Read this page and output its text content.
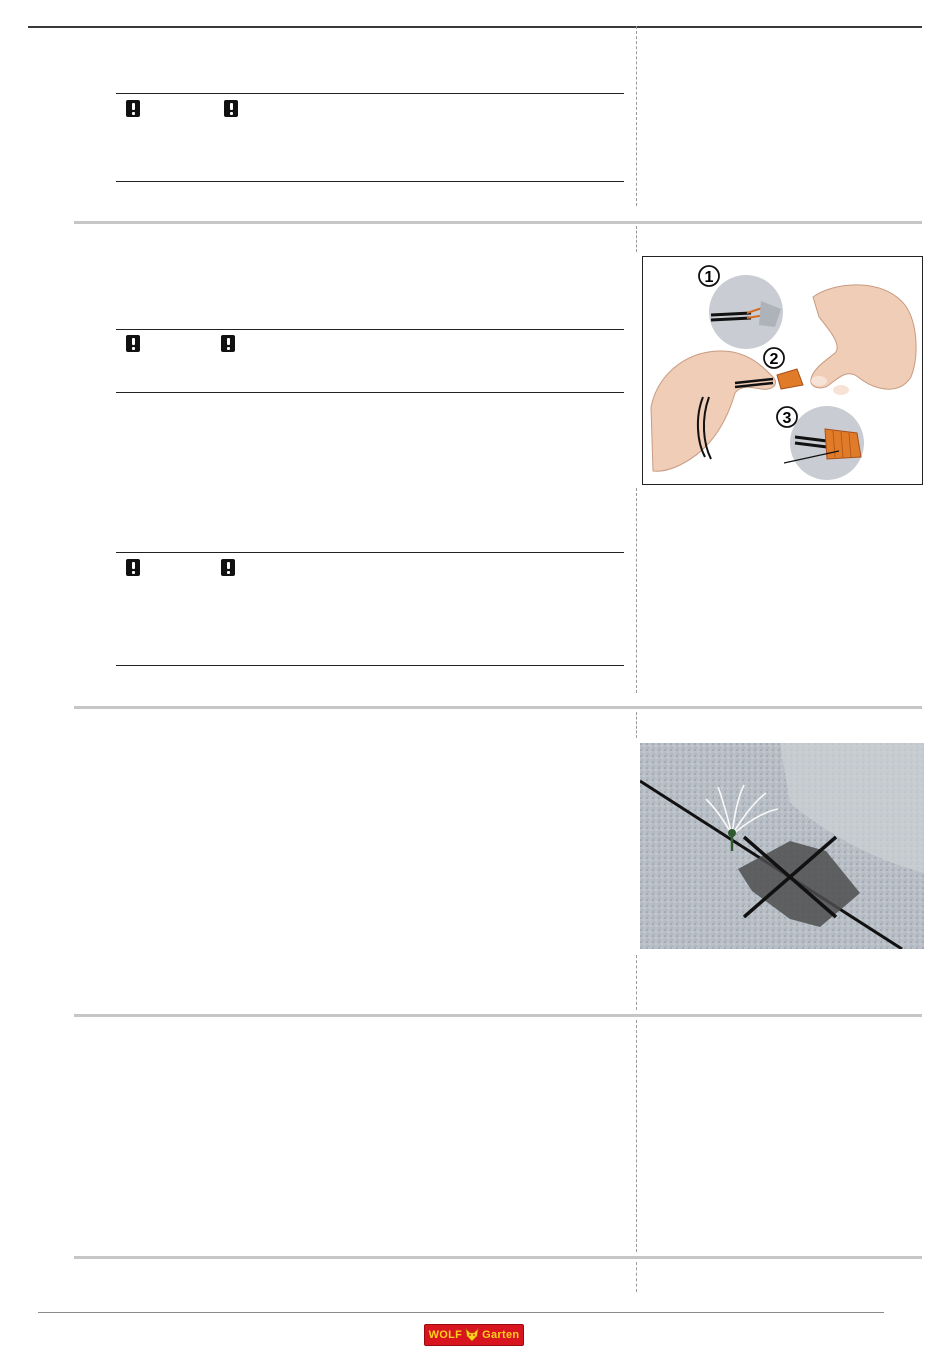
1
2
3
WOLF Garten
